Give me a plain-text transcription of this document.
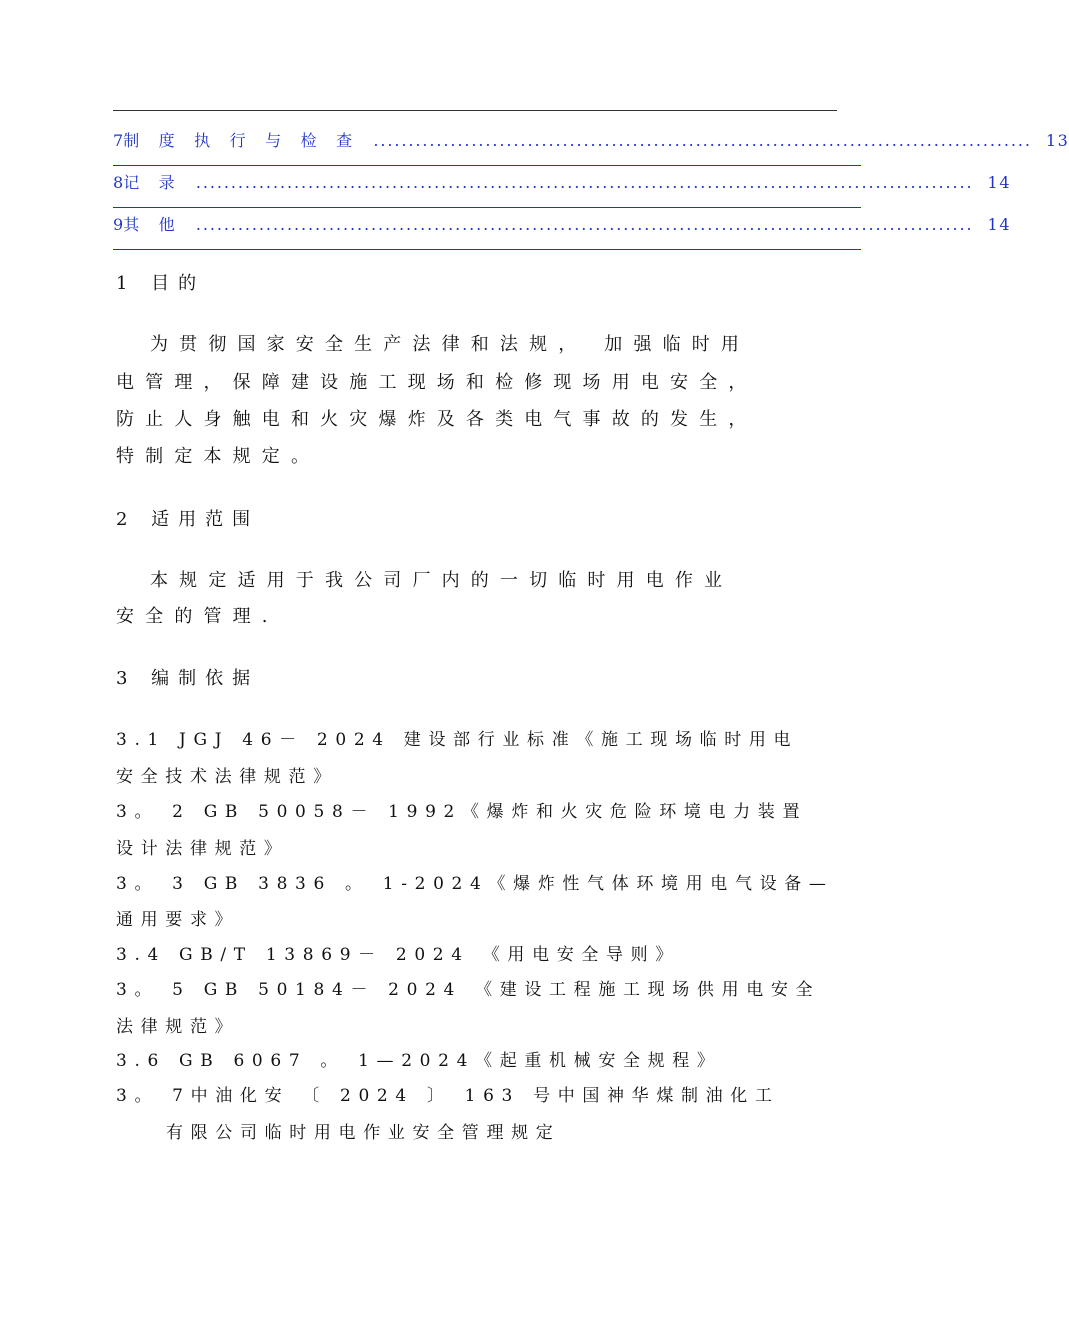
7 制 度 执 行 与 检 查 .............................................................................................. 13
8 记 录 ............................................................................................................... 14
9 其 他 ............................................................................................................... 14
1 目的
为贯彻国家安全生产法律和法规， 加强临时用
电管理，保障建设施工现场和检修现场用电安全，
防止人身触电和火灾爆炸及各类电气事故的发生，
特制定本规定。
2 适用范围
本规定适用于我公司厂内的一切临时用电作业
安全的管理.
3 编制依据
3.1 JGJ 46－ 2024 建设部行业标准《施工现场临时用电
安全技术法律规范》
3。 2 GB 50058－ 1992《爆炸和火灾危险环境电力装置
设计法律规范》
3。 3 GB 3836 。 1-2024《爆炸性气体环境用电气设备—
通用要求》
3.4 GB/T 13869－ 2024 《用电安全导则》
3。 5 GB 50184－ 2024 《建设工程施工现场供用电安全
法律规范》
3.6 GB 6067 。 1—2024《起重机械安全规程》
3。 7中油化安 〔 2024 〕 163 号中国神华煤制油化工
有限公司临时用电作业安全管理规定
